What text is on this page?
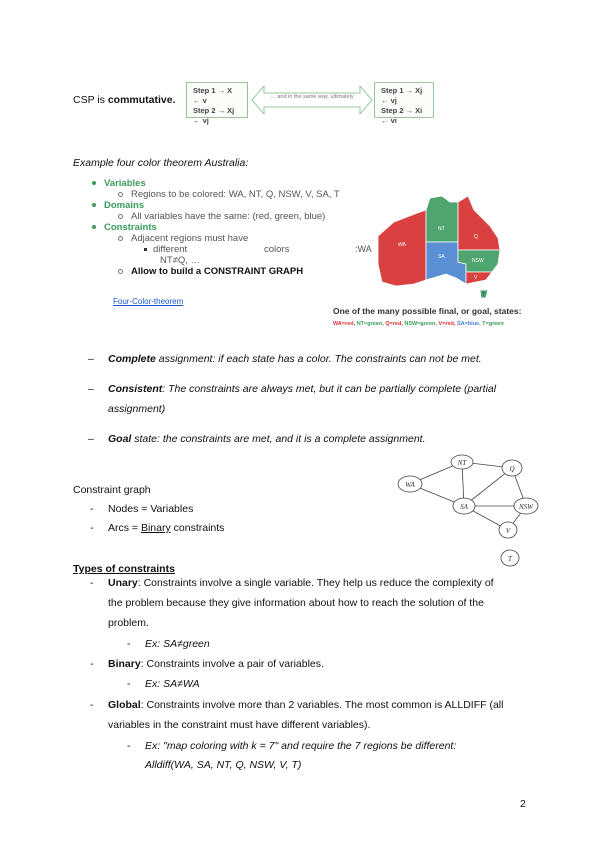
CSP is commutative.
Step 1 → X ← v
Step 2 → Xj ← vj
… and in the same way, ultimately
Step 1 → Xj ← vj
Step 2 → Xi ← vi
Example four color theorem Australia:
Variables
Regions to be colored: WA, NT, Q, NSW, V, SA, T
Domains
All variables have the same: (red, green, blue)
Constraints
Adjacent regions must have
different	colors
NT≠Q, …
Allow to build a CONSTRAINT GRAPH
:WA
Four-Color-theorem
WA
NT
Q
SA
NSW
V
T
One of the many possible final, or goal, states:
WA=red, NT=green, Q=red, NSW=green, V=red, SA=blue, T=green
– Complete assignment: if each state has a color. The constraints can not be met.
– Consistent: The constraints are always met, but it can be partially complete (partial
assignment)
– Goal state: the constraints are met, and it is a complete assignment.
Constraint graph
- Nodes = Variables
- Arcs = Binary constraints
NT
Q
WA
SA	NSW
V
T
Types of constraints
- Unary: Constraints involve a single variable. They help us reduce the complexity of
the problem because they give information about how to reach the solution of the
problem.
- Ex: SA≠green
- Binary: Constraints involve a pair of variables.
- Ex: SA≠WA
- Global: Constraints involve more than 2 variables. The most common is ALLDIFF (all
variables in the constraint must have different variables).
- Ex: "map coloring with k = 7" and require the 7 regions be different:
Alldiff(WA, SA, NT, Q, NSW, V, T)
2
